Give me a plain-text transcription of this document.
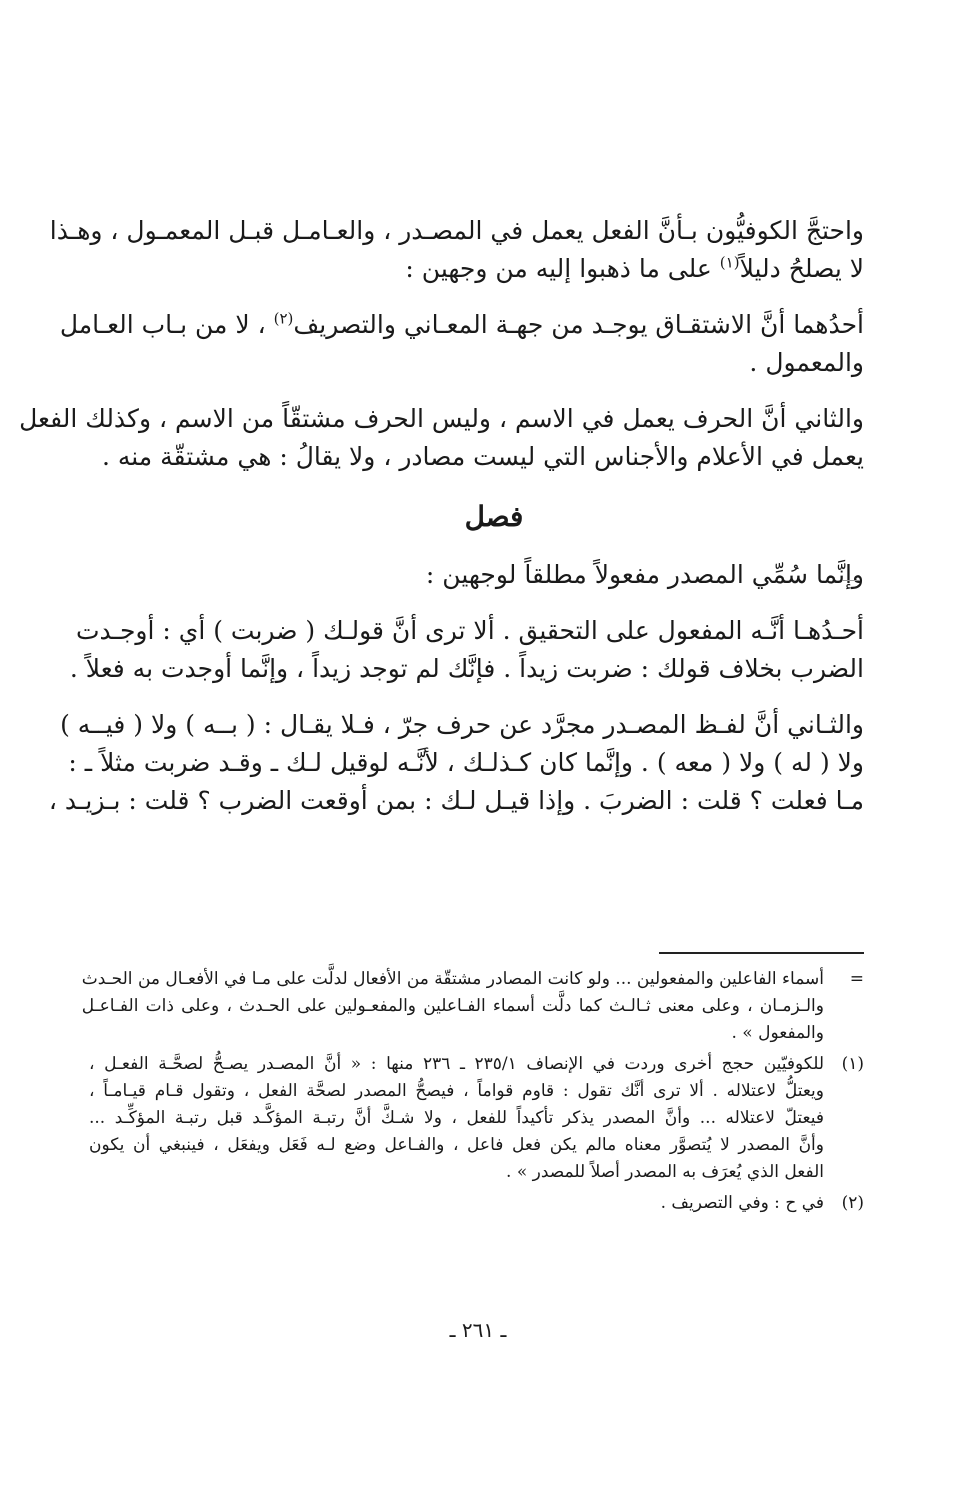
واحتجَّ الكوفيُّون بـأنَّ الفعل يعمل في المصـدر ، والعـامـل قبـل المعمـول ، وهـذا
لا يصلحُ دليلاً$^{(١)}$ على ما ذهبوا إليه من وجهين :

أحدُهما أنَّ الاشتقـاق يوجـد من جهـة المعـاني والتصريف$^{(٢)}$ ، لا من بـاب العـامل
والمعمول .

والثاني أنَّ الحرف يعمل في الاسم ، وليس الحرف مشتقّاً من الاسم ، وكذلك الفعل
يعمل في الأعلام والأجناس التي ليست مصادر ، ولا يقالُ : هي مشتقّة منه .

فصل

وإنَّما سُمِّي المصدر مفعولاً مطلقاً لوجهين :

أحـدُهـا أنَّـه المفعول على التحقيق . ألا ترى أنَّ قولـك ( ضربت ) أي : أوجـدت
الضرب بخلاف قولك : ضربت زيداً . فإنَّك لم توجد زيداً ، وإنَّما أوجدت به فعلاً .

والثـاني أنَّ لفـظ المصـدر مجرَّد عن حرف جرّ ، فـلا يقـال : ( بــه ) ولا ( فيــه )
ولا ( له ) ولا ( معه ) . وإنَّما كان كـذلـك ، لأنَّـه لوقيل لـك ـ وقـد ضربت مثلاً ـ :
مـا فعلت ؟ قلت : الضربَ . وإذا قيـل لـك : بمن أوقعت الضرب ؟ قلت : بـزيـد ،

=
أسماء الفاعلين والمفعولين ... ولو كانت المصادر مشتقّة من الأفعال لدلَّت على مـا في الأفعـال من الحـدث
والـزمـان ، وعلى معنى ثـالـث كما دلَّت أسماء الفـاعلين والمفعـولين على الحـدث ، وعلى ذات الفـاعـل
والمفعول » .
(١)
للكوفيّين حجج أخرى وردت في الإنصاف ٢٣٥/١ ـ ٢٣٦ منها : « أنَّ المصـدر يصـحُّ لصحَّـة الفعـل ،
ويعتلُّ لاعتلاله . ألا ترى أنَّك تقول : قاوم قواماً ، فيصحُّ المصدر لصحَّة الفعل ، وتقول قـام قيـامـاً ،
فيعتلّ لاعتلاله ... وأنَّ المصدر يذكر تأكيداً للفعل ، ولا شـكَّ أنَّ رتبـة المؤكَّـد قبل رتبـة المؤكِّـد ...
وأنَّ المصدر لا يُتصوَّر معناه مالم يكن فعل فاعل ، والفـاعل وضع لـه فَعَل ويفعَل ، فينبغي أن يكون
الفعل الذي يُعرَف به المصدر أصلاً للمصدر » .
(٢)
في ح : وفي التصريف .
ـ ٢٦١ ـ
